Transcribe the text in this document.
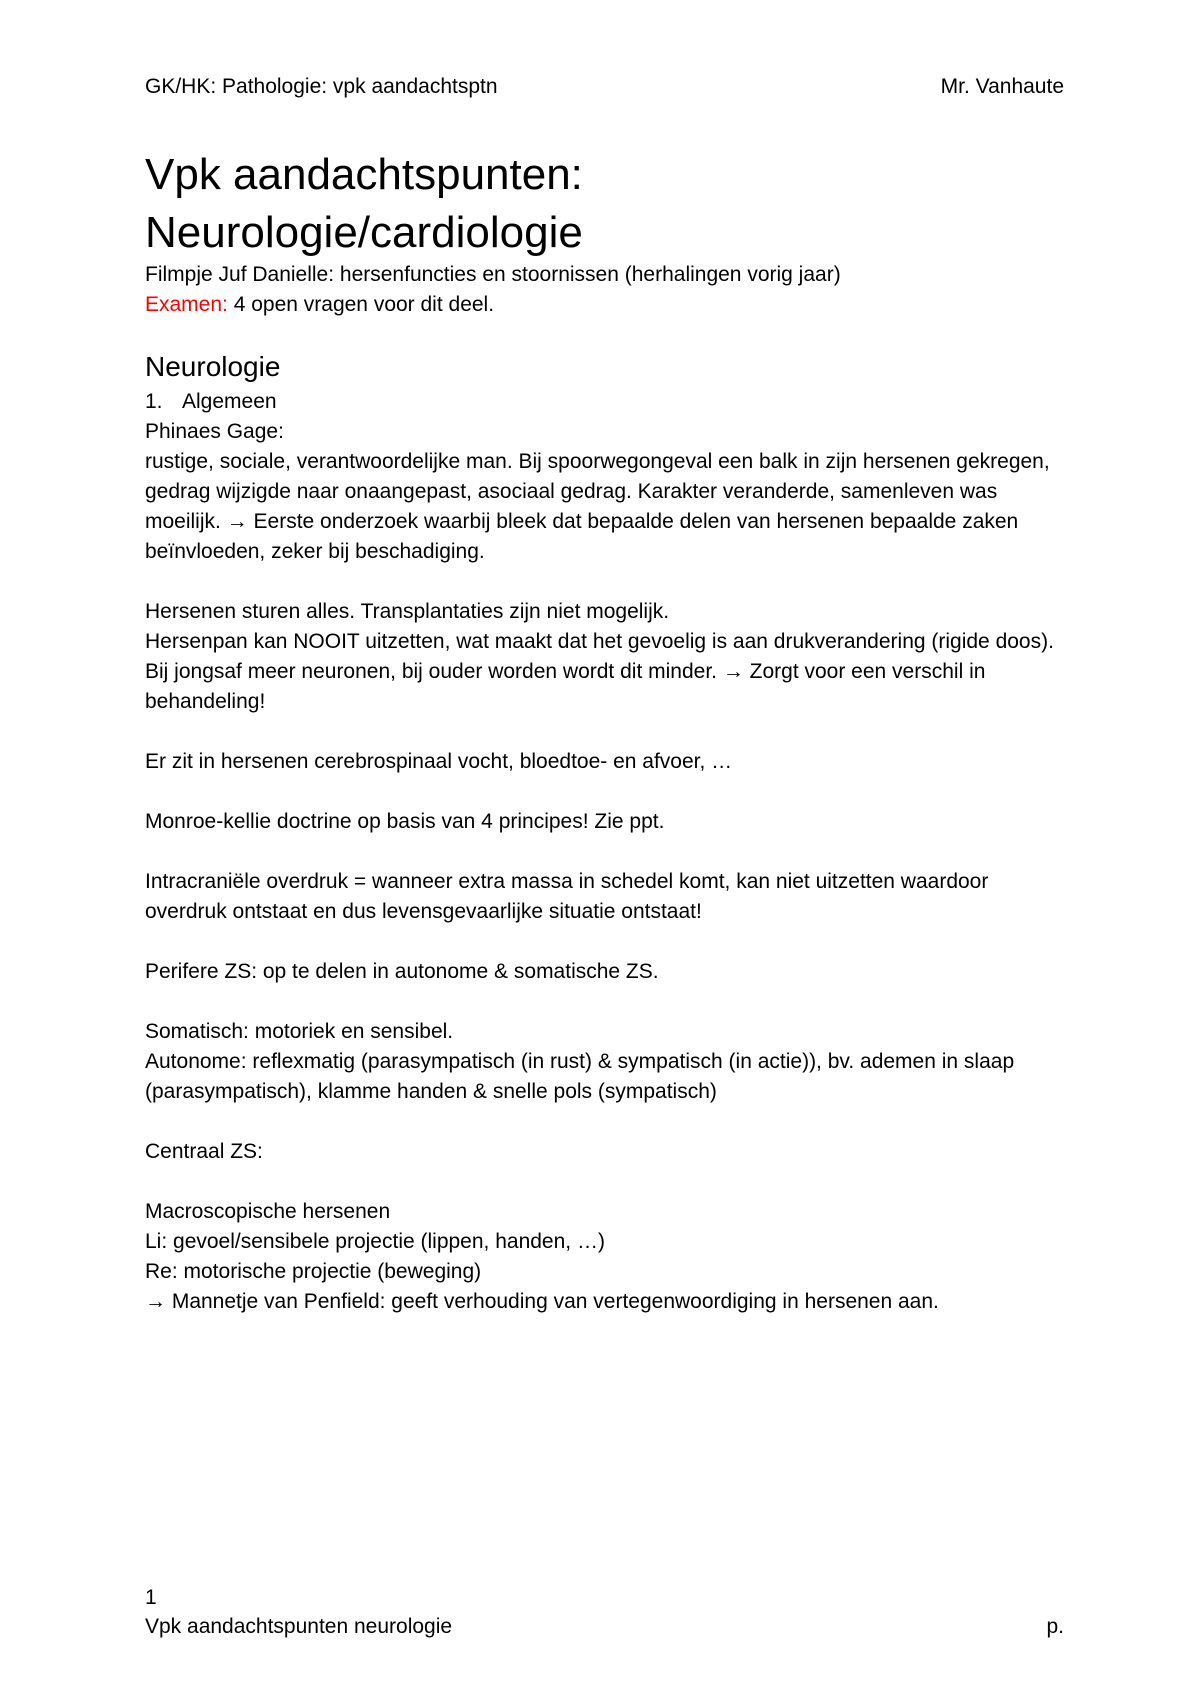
GK/HK: Pathologie: vpk aandachtsptn	Mr. Vanhaute
Vpk aandachtspunten:
Neurologie/cardiologie
Filmpje Juf Danielle: hersenfuncties en stoornissen (herhalingen vorig jaar)
Examen: 4 open vragen voor dit deel.
Neurologie
1. Algemeen

Phinaes Gage:
rustige, sociale, verantwoordelijke man. Bij spoorwegongeval een balk in zijn hersenen gekregen, gedrag wijzigde naar onaangepast, asociaal gedrag. Karakter veranderde, samenleven was moeilijk. → Eerste onderzoek waarbij bleek dat bepaalde delen van hersenen bepaalde zaken beïnvloeden, zeker bij beschadiging.

Hersenen sturen alles. Transplantaties zijn niet mogelijk.
Hersenpan kan NOOIT uitzetten, wat maakt dat het gevoelig is aan drukverandering (rigide doos).
Bij jongsaf meer neuronen, bij ouder worden wordt dit minder. → Zorgt voor een verschil in behandeling!

Er zit in hersenen cerebrospinaal vocht, bloedtoe- en afvoer, …

Monroe-kellie doctrine op basis van 4 principes! Zie ppt.

Intracraniële overdruk = wanneer extra massa in schedel komt, kan niet uitzetten waardoor overdruk ontstaat en dus levensgevaarlijke situatie ontstaat!

Perifere ZS: op te delen in autonome & somatische ZS.

Somatisch: motoriek en sensibel.
Autonome: reflexmatig (parasympatisch (in rust) & sympatisch (in actie)), bv. ademen in slaap (parasympatisch), klamme handen & snelle pols (sympatisch)

Centraal ZS:

Macroscopische hersenen
Li: gevoel/sensibele projectie (lippen, handen, …)
Re: motorische projectie (beweging)
→ Mannetje van Penfield: geeft verhouding van vertegenwoordiging in hersenen aan.

1
Vpk aandachtspunten neurologie	p.
